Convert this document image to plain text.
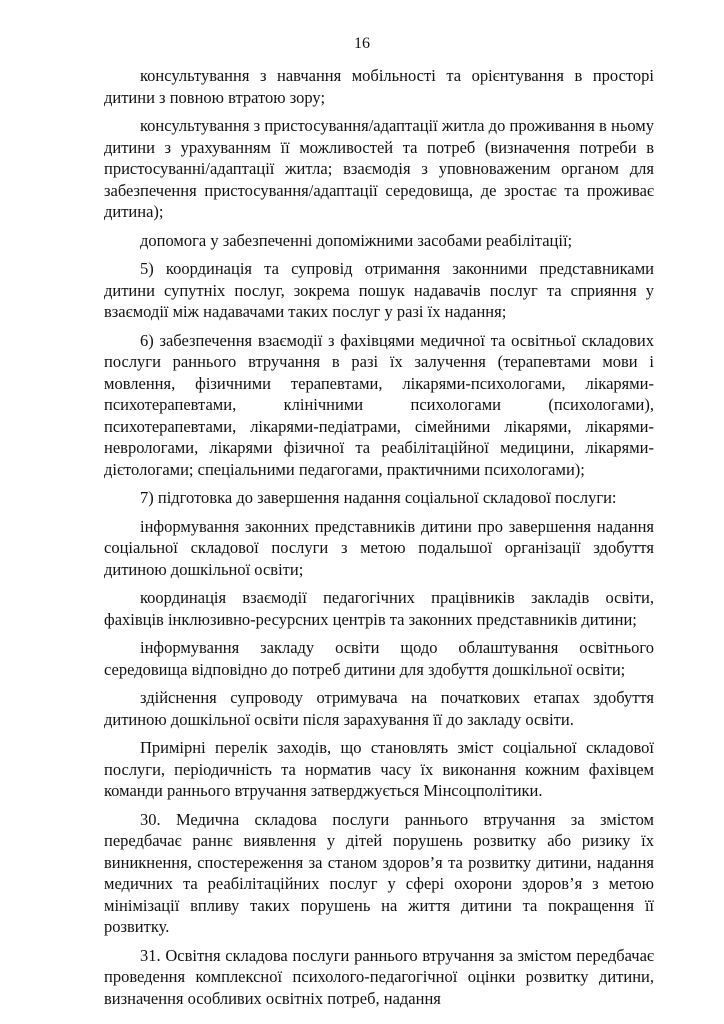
16

консультування з навчання мобільності та орієнтування в просторі дитини з повною втратою зору;

консультування з пристосування/адаптації житла до проживання в ньому дитини з урахуванням її можливостей та потреб (визначення потреби в пристосуванні/адаптації житла; взаємодія з уповноваженим органом для забезпечення пристосування/адаптації середовища, де зростає та проживає дитина);

допомога у забезпеченні допоміжними засобами реабілітації;

5) координація та супровід отримання законними представниками дитини супутніх послуг, зокрема пошук надавачів послуг та сприяння у взаємодії між надавачами таких послуг у разі їх надання;

6) забезпечення взаємодії з фахівцями медичної та освітньої складових послуги раннього втручання в разі їх залучення (терапевтами мови і мовлення, фізичними терапевтами, лікарями-психологами, лікарями-психотерапевтами, клінічними психологами (психологами), психотерапевтами, лікарями-педіатрами, сімейними лікарями, лікарями-неврологами, лікарями фізичної та реабілітаційної медицини, лікарями-дієтологами; спеціальними педагогами, практичними психологами);

7) підготовка до завершення надання соціальної складової послуги:

інформування законних представників дитини про завершення надання соціальної складової послуги з метою подальшої організації здобуття дитиною дошкільної освіти;

координація взаємодії педагогічних працівників закладів освіти, фахівців інклюзивно-ресурсних центрів та законних представників дитини;

інформування закладу освіти щодо облаштування освітнього середовища відповідно до потреб дитини для здобуття дошкільної освіти;

здійснення супроводу отримувача на початкових етапах здобуття дитиною дошкільної освіти після зарахування її до закладу освіти.

Примірні перелік заходів, що становлять зміст соціальної складової послуги, періодичність та норматив часу їх виконання кожним фахівцем команди раннього втручання затверджується Мінсоцполітики.

30. Медична складова послуги раннього втручання за змістом передбачає раннє виявлення у дітей порушень розвитку або ризику їх виникнення, спостереження за станом здоров’я та розвитку дитини, надання медичних та реабілітаційних послуг у сфері охорони здоров’я з метою мінімізації впливу таких порушень на життя дитини та покращення її розвитку.

31. Освітня складова послуги раннього втручання за змістом передбачає проведення комплексної психолого-педагогічної оцінки розвитку дитини, визначення особливих освітніх потреб, надання
